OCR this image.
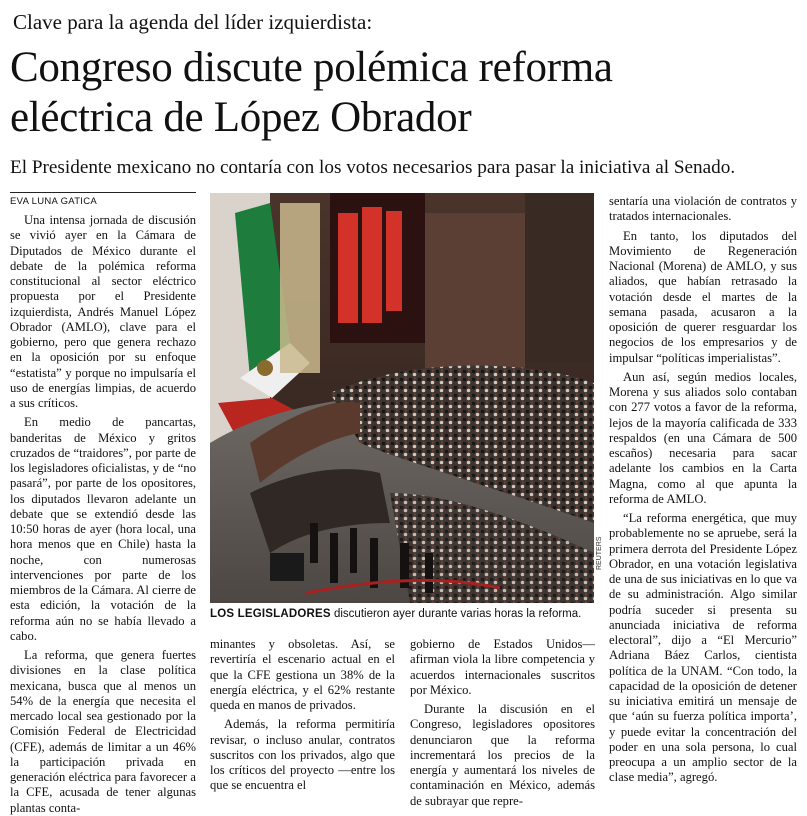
Clave para la agenda del líder izquierdista:
Congreso discute polémica reforma
eléctrica de López Obrador
El Presidente mexicano no contaría con los votos necesarios para pasar la iniciativa al Senado.
EVA LUNA GATICA

Una intensa jornada de discusión se vivió ayer en la Cámara de Diputados de México durante el debate de la polémica reforma constitucional al sector eléctrico propuesta por el Presidente izquierdista, Andrés Manuel López Obrador (AMLO), clave para el gobierno, pero que genera rechazo en la oposición por su enfoque “estatista” y porque no impulsaría el uso de energías limpias, de acuerdo a sus críticos.

En medio de pancartas, banderitas de México y gritos cruzados de “traidores”, por parte de los legisladores oficialistas, y de “no pasará”, por parte de los opositores, los diputados llevaron adelante un debate que se extendió desde las 10:50 horas de ayer (hora local, una hora menos que en Chile) hasta la noche, con numerosas intervenciones por parte de los miembros de la Cámara. Al cierre de esta edición, la votación de la reforma aún no se había llevado a cabo.

La reforma, que genera fuertes divisiones en la clase política mexicana, busca que al menos un 54% de la energía que necesita el mercado local sea gestionado por la Comisión Federal de Electricidad (CFE), además de limitar a un 46% la participación privada en generación eléctrica para favorecer a la CFE, acusada de tener algunas plantas conta-

REUTERS
LOS LEGISLADORES discutieron ayer durante varias horas la reforma.

minantes y obsoletas. Así, se revertiría el escenario actual en el que la CFE gestiona un 38% de la energía eléctrica, y el 62% restante queda en manos de privados.

Además, la reforma permitiría revisar, o incluso anular, contratos suscritos con los privados, algo que los críticos del proyecto —entre los que se encuentra el

gobierno de Estados Unidos— afirman viola la libre competencia y acuerdos internacionales suscritos por México.

Durante la discusión en el Congreso, legisladores opositores denunciaron que la reforma incrementará los precios de la energía y aumentará los niveles de contaminación en México, además de subrayar que repre-

sentaría una violación de contratos y tratados internacionales.

En tanto, los diputados del Movimiento de Regeneración Nacional (Morena) de AMLO, y sus aliados, que habían retrasado la votación desde el martes de la semana pasada, acusaron a la oposición de querer resguardar los negocios de los empresarios y de impulsar “políticas imperialistas”.

Aun así, según medios locales, Morena y sus aliados solo contaban con 277 votos a favor de la reforma, lejos de la mayoría calificada de 333 respaldos (en una Cámara de 500 escaños) necesaria para sacar adelante los cambios en la Carta Magna, como al que apunta la reforma de AMLO.

“La reforma energética, que muy probablemente no se apruebe, será la primera derrota del Presidente López Obrador, en una votación legislativa de una de sus iniciativas en lo que va de su administración. Algo similar podría suceder si presenta su anunciada iniciativa de reforma electoral”, dijo a “El Mercurio” Adriana Báez Carlos, cientista política de la UNAM. “Con todo, la capacidad de la oposición de detener su iniciativa emitirá un mensaje de que ‘aún su fuerza política importa’, y puede evitar la concentración del poder en una sola persona, lo cual preocupa a un amplio sector de la clase media”, agregó.
